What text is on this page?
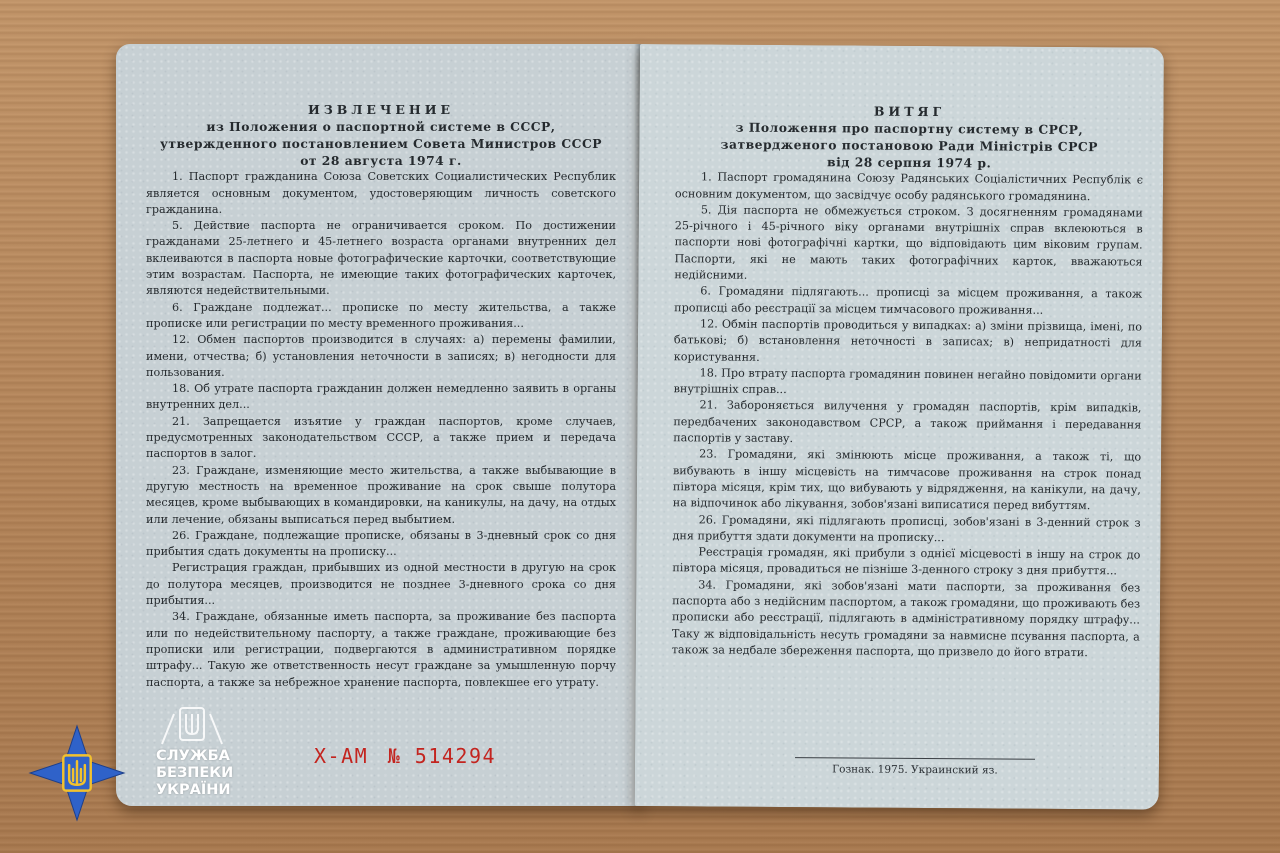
ИЗВЛЕЧЕНИЕ
из Положения о паспортной системе в СССР,
утвержденного постановлением Совета Министров СССР
от 28 августа 1974 г.

1. Паспорт гражданина Союза Советских Социалистических Республик является основным документом, удостоверяющим личность советского гражданина.

5. Действие паспорта не ограничивается сроком. По достижении гражданами 25-летнего и 45-летнего возраста органами внутренних дел вклеиваются в паспорта новые фотографические карточки, соответствующие этим возрастам. Паспорта, не имеющие таких фотографических карточек, являются недействительными.

6. Граждане подлежат... прописке по месту жительства, а также прописке или регистрации по месту временного проживания...

12. Обмен паспортов производится в случаях: а) перемены фамилии, имени, отчества; б) установления неточности в записях; в) негодности для пользования.

18. Об утрате паспорта гражданин должен немедленно заявить в органы внутренних дел...

21. Запрещается изъятие у граждан паспортов, кроме случаев, предусмотренных законодательством СССР, а также прием и передача паспортов в залог.

23. Граждане, изменяющие место жительства, а также выбывающие в другую местность на временное проживание на срок свыше полутора месяцев, кроме выбывающих в командировки, на каникулы, на дачу, на отдых или лечение, обязаны выписаться перед выбытием.

26. Граждане, подлежащие прописке, обязаны в 3-дневный срок со дня прибытия сдать документы на прописку...

Регистрация граждан, прибывших из одной местности в другую на срок до полутора месяцев, производится не позднее 3-дневного срока со дня прибытия...

34. Граждане, обязанные иметь паспорта, за проживание без паспорта или по недействительному паспорту, а также граждане, проживающие без прописки или регистрации, подвергаются в административном порядке штрафу... Такую же ответственность несут граждане за умышленную порчу паспорта, а также за небрежное хранение паспорта, повлекшее его утрату.

Х-АМ № 514294
ВИТЯГ
з Положення про паспортну систему в СРСР,
затвердженого постановою Ради Міністрів СРСР
від 28 серпня 1974 р.

1. Паспорт громадянина Союзу Радянських Соціалістичних Республік є основним документом, що засвідчує особу радянського громадянина.

5. Дія паспорта не обмежується строком. З досягненням громадянами 25-річного і 45-річного віку органами внутрішніх справ вклеюються в паспорти нові фотографічні картки, що відповідають цим віковим групам. Паспорти, які не мають таких фотографічних карток, вважаються недійсними.

6. Громадяни підлягають... прописці за місцем проживання, а також прописці або реєстрації за місцем тимчасового проживання...

12. Обмін паспортів проводиться у випадках: а) зміни прізвища, імені, по батькові; б) встановлення неточності в записах; в) непридатності для користування.

18. Про втрату паспорта громадянин повинен негайно повідомити органи внутрішніх справ...

21. Забороняється вилучення у громадян паспортів, крім випадків, передбачених законодавством СРСР, а також приймання і передавання паспортів у заставу.

23. Громадяни, які змінюють місце проживання, а також ті, що вибувають в іншу місцевість на тимчасове проживання на строк понад півтора місяця, крім тих, що вибувають у відрядження, на канікули, на дачу, на відпочинок або лікування, зобов'язані виписатися перед вибуттям.

26. Громадяни, які підлягають прописці, зобов'язані в 3-денний строк з дня прибуття здати документи на прописку...

Реєстрація громадян, які прибули з однієї місцевості в іншу на строк до півтора місяця, провадиться не пізніше 3-денного строку з дня прибуття...

34. Громадяни, які зобов'язані мати паспорти, за проживання без паспорта або з недійсним паспортом, а також громадяни, що проживають без прописки або реєстрації, підлягають в адміністративному порядку штрафу... Таку ж відповідальність несуть громадяни за навмисне псування паспорта, а також за недбале збереження паспорта, що призвело до його втрати.

Гознак. 1975. Украинский яз.
СЛУЖБА
БЕЗПЕКИ
УКРАЇНИ
